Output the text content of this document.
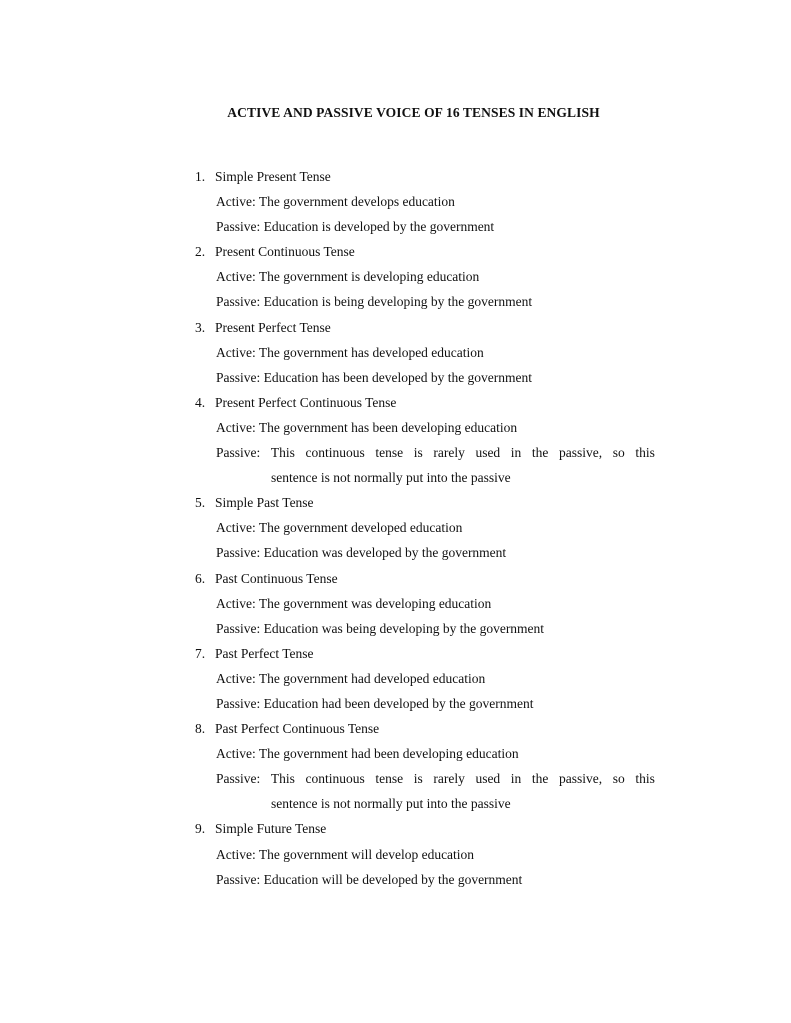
ACTIVE AND PASSIVE VOICE OF 16 TENSES IN ENGLISH
1. Simple Present Tense
Active: The government develops education
Passive: Education is developed by the government
2. Present Continuous Tense
Active: The government is developing education
Passive: Education is being developing by the government
3. Present Perfect Tense
Active: The government has developed education
Passive: Education has been developed by the government
4. Present Perfect Continuous Tense
Active: The government has been developing education
Passive: This continuous tense is rarely used in the passive, so this
sentence is not normally put into the passive
5. Simple Past Tense
Active: The government developed education
Passive: Education was developed by the government
6. Past Continuous Tense
Active: The government was developing education
Passive: Education was being developing by the government
7. Past Perfect Tense
Active: The government had developed education
Passive: Education had been developed by the government
8. Past Perfect Continuous Tense
Active: The government had been developing education
Passive: This continuous tense is rarely used in the passive, so this
sentence is not normally put into the passive
9. Simple Future Tense
Active: The government will develop education
Passive: Education will be developed by the government
